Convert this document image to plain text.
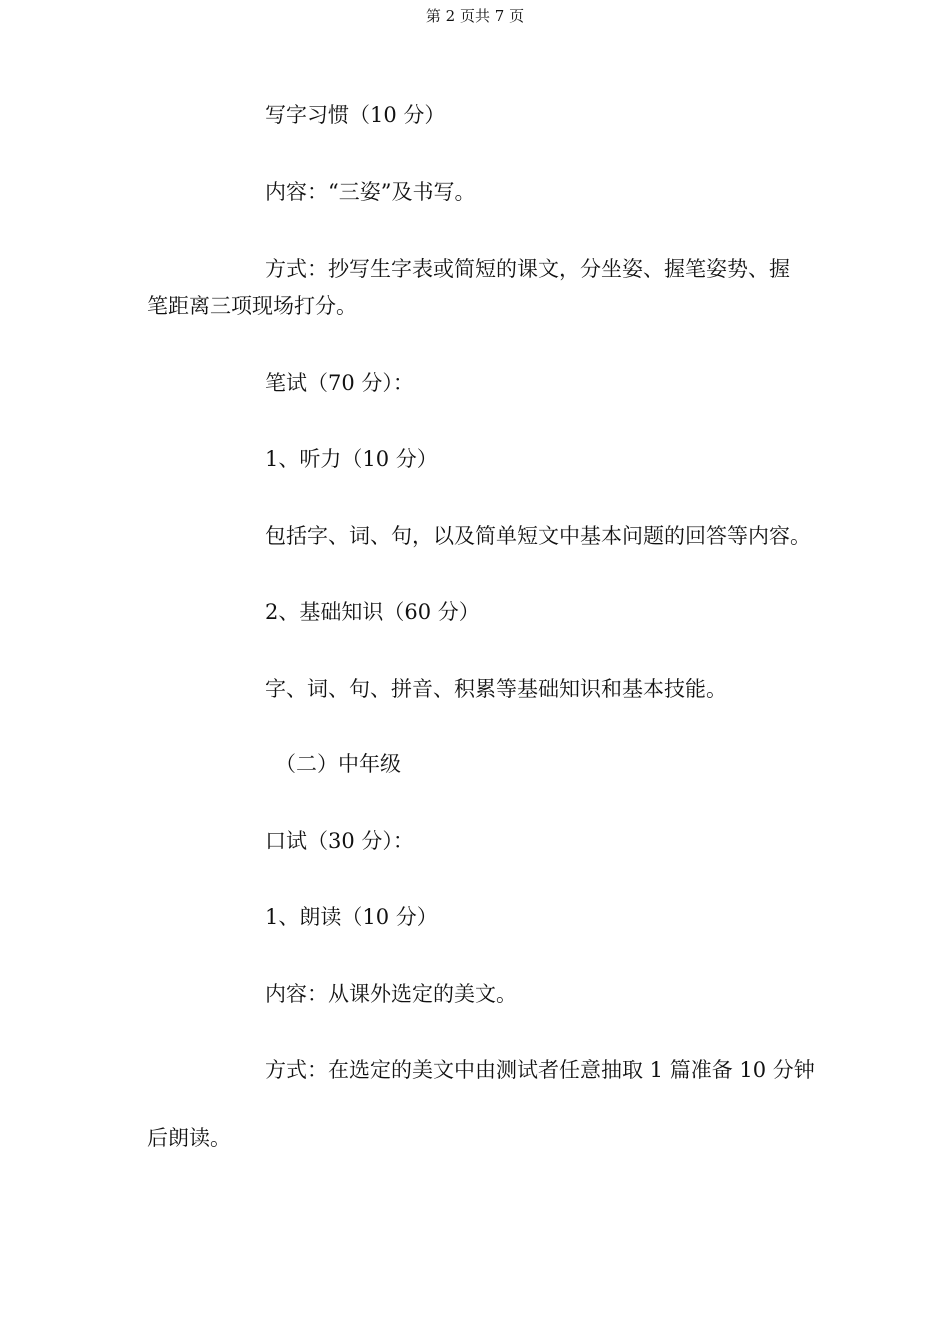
第 2 页共 7 页
写字习惯（10 分）
内容：“三姿”及书写。
方式：抄写生字表或简短的课文，分坐姿、握笔姿势、握
笔距离三项现场打分。
笔试（70 分）：
1、听力（10 分）
包括字、词、句，以及简单短文中基本问题的回答等内容。
2、基础知识（60 分）
字、词、句、拼音、积累等基础知识和基本技能。
（二）中年级
口试（30 分）：
1、朗读（10 分）
内容：从课外选定的美文。
方式：在选定的美文中由测试者任意抽取 1 篇准备 10 分钟
后朗读。
